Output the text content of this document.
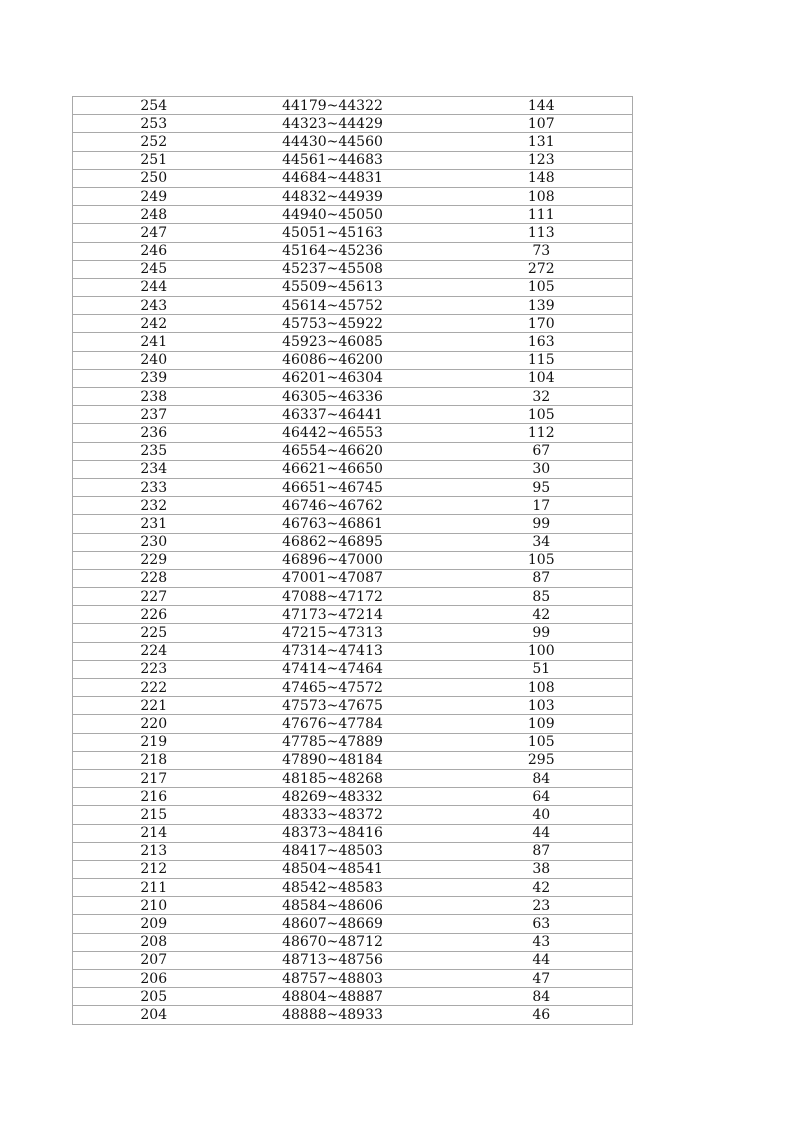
254	44179~44322	144
253	44323~44429	107
252	44430~44560	131
251	44561~44683	123
250	44684~44831	148
249	44832~44939	108
248	44940~45050	111
247	45051~45163	113
246	45164~45236	73
245	45237~45508	272
244	45509~45613	105
243	45614~45752	139
242	45753~45922	170
241	45923~46085	163
240	46086~46200	115
239	46201~46304	104
238	46305~46336	32
237	46337~46441	105
236	46442~46553	112
235	46554~46620	67
234	46621~46650	30
233	46651~46745	95
232	46746~46762	17
231	46763~46861	99
230	46862~46895	34
229	46896~47000	105
228	47001~47087	87
227	47088~47172	85
226	47173~47214	42
225	47215~47313	99
224	47314~47413	100
223	47414~47464	51
222	47465~47572	108
221	47573~47675	103
220	47676~47784	109
219	47785~47889	105
218	47890~48184	295
217	48185~48268	84
216	48269~48332	64
215	48333~48372	40
214	48373~48416	44
213	48417~48503	87
212	48504~48541	38
211	48542~48583	42
210	48584~48606	23
209	48607~48669	63
208	48670~48712	43
207	48713~48756	44
206	48757~48803	47
205	48804~48887	84
204	48888~48933	46
